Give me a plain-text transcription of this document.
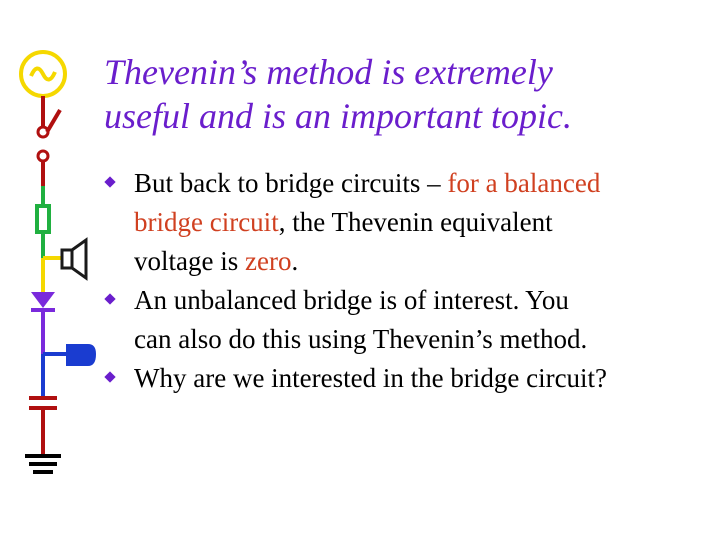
Thevenin’s method is extremely
useful and is an important topic.
But back to bridge circuits – for a balanced
bridge circuit, the Thevenin equivalent
voltage is zero.
An unbalanced bridge is of interest. You
can also do this using Thevenin’s method.
Why are we interested in the bridge circuit?
